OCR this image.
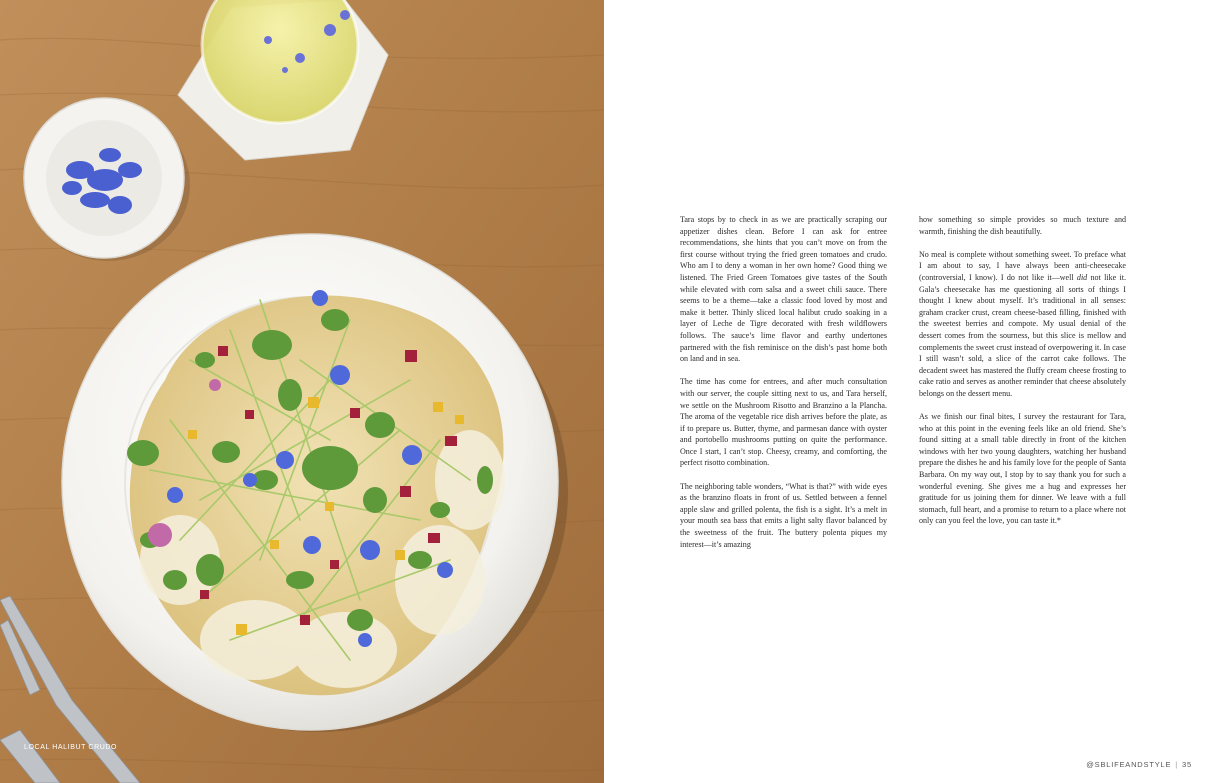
LOCAL HALIBUT CRUDO

Tara stops by to check in as we are practically scraping our appetizer dishes clean. Before I can ask for entree recommendations, she hints that you can’t move on from the first course without trying the fried green tomatoes and crudo. Who am I to deny a woman in her own home? Good thing we listened. The Fried Green Tomatoes give tastes of the South while elevated with corn salsa and a sweet chili sauce. There seems to be a theme—take a classic food loved by most and make it better. Thinly sliced local halibut crudo soaking in a layer of Leche de Tigre decorated with fresh wildflowers follows. The sauce’s lime flavor and earthy undertones partnered with the fish reminisce on the dish’s past home both on land and in sea.

The time has come for entrees, and after much consultation with our server, the couple sitting next to us, and Tara herself, we settle on the Mushroom Risotto and Branzino a la Plancha. The aroma of the vegetable rice dish arrives before the plate, as if to prepare us. Butter, thyme, and parmesan dance with oyster and portobello mushrooms putting on quite the performance. Once I start, I can’t stop. Cheesy, creamy, and comforting, the perfect risotto combination.

The neighboring table wonders, “What is that?” with wide eyes as the branzino floats in front of us. Settled between a fennel apple slaw and grilled polenta, the fish is a sight. It’s a melt in your mouth sea bass that emits a light salty flavor balanced by the sweetness of the fruit. The buttery polenta piques my interest—it’s amazing

how something so simple provides so much texture and warmth, finishing the dish beautifully.

No meal is complete without something sweet. To preface what I am about to say, I have always been anti-cheesecake (controversial, I know). I do not like it—well did not like it. Gala’s cheesecake has me questioning all sorts of things I thought I knew about myself. It’s traditional in all senses: graham cracker crust, cream cheese-based filling, finished with the sweetest berries and compote. My usual denial of the dessert comes from the sourness, but this slice is mellow and complements the sweet crust instead of overpowering it. In case I still wasn’t sold, a slice of the carrot cake follows. The decadent sweet has mastered the fluffy cream cheese frosting to cake ratio and serves as another reminder that cheese absolutely belongs on the dessert menu.

As we finish our final bites, I survey the restaurant for Tara, who at this point in the evening feels like an old friend. She’s found sitting at a small table directly in front of the kitchen windows with her two young daughters, watching her husband prepare the dishes he and his family love for the people of Santa Barbara. On my way out, I stop by to say thank you for such a wonderful evening. She gives me a hug and expresses her gratitude for us joining them for dinner. We leave with a full stomach, full heart, and a promise to return to a place where not only can you feel the love, you can taste it.*

@SBLIFEANDSTYLE | 35
